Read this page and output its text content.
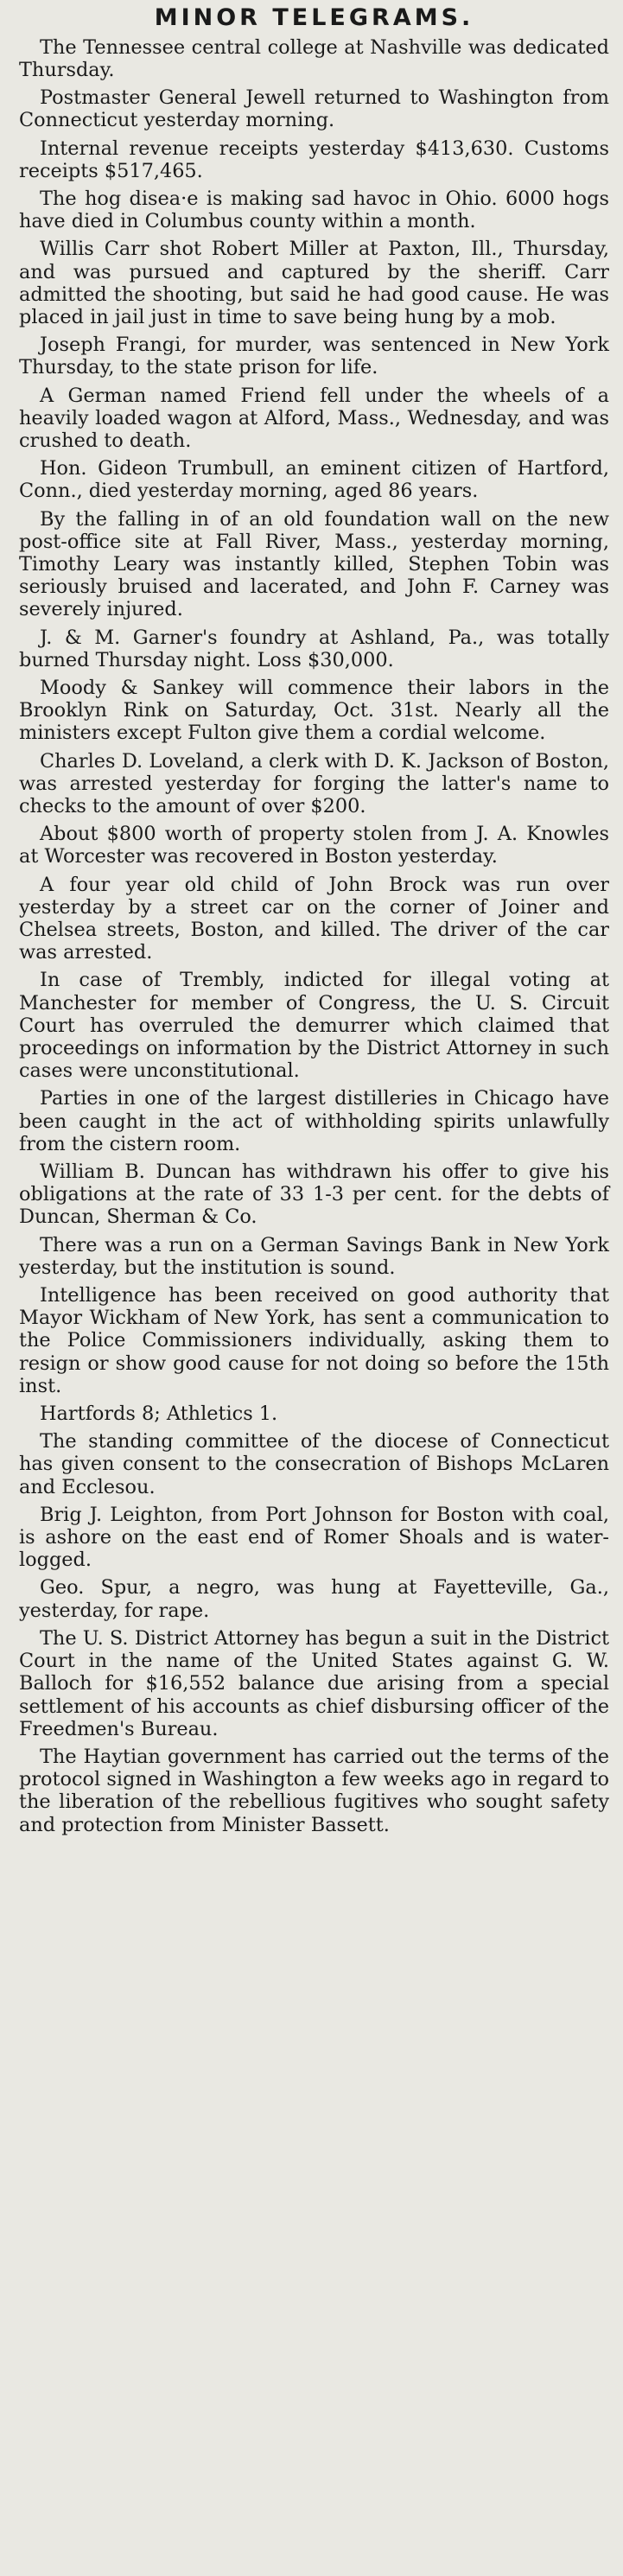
MINOR TELEGRAMS.

The Tennessee central college at Nashville was dedicated Thursday.

Postmaster General Jewell returned to Washington from Connecticut yesterday morning.

Internal revenue receipts yesterday $413,630. Customs receipts $517,465.

The hog disea·e is making sad havoc in Ohio. 6000 hogs have died in Columbus county within a month.

Willis Carr shot Robert Miller at Paxton, Ill., Thursday, and was pursued and captured by the sheriff. Carr admitted the shooting, but said he had good cause. He was placed in jail just in time to save being hung by a mob.

Joseph Frangi, for murder, was sentenced in New York Thursday, to the state prison for life.

A German named Friend fell under the wheels of a heavily loaded wagon at Alford, Mass., Wednesday, and was crushed to death.

Hon. Gideon Trumbull, an eminent citizen of Hartford, Conn., died yesterday morning, aged 86 years.

By the falling in of an old foundation wall on the new post-office site at Fall River, Mass., yesterday morning, Timothy Leary was instantly killed, Stephen Tobin was seriously bruised and lacerated, and John F. Carney was severely injured.

J. & M. Garner's foundry at Ashland, Pa., was totally burned Thursday night. Loss $30,000.

Moody & Sankey will commence their labors in the Brooklyn Rink on Saturday, Oct. 31st. Nearly all the ministers except Fulton give them a cordial welcome.

Charles D. Loveland, a clerk with D. K. Jackson of Boston, was arrested yesterday for forging the latter's name to checks to the amount of over $200.

About $800 worth of property stolen from J. A. Knowles at Worcester was recovered in Boston yesterday.

A four year old child of John Brock was run over yesterday by a street car on the corner of Joiner and Chelsea streets, Boston, and killed. The driver of the car was arrested.

In case of Trembly, indicted for illegal voting at Manchester for member of Congress, the U. S. Circuit Court has overruled the demurrer which claimed that proceedings on information by the District Attorney in such cases were unconstitutional.

Parties in one of the largest distilleries in Chicago have been caught in the act of withholding spirits unlawfully from the cistern room.

William B. Duncan has withdrawn his offer to give his obligations at the rate of 33 1-3 per cent. for the debts of Duncan, Sherman & Co.

There was a run on a German Savings Bank in New York yesterday, but the institution is sound.

Intelligence has been received on good authority that Mayor Wickham of New York, has sent a communication to the Police Commissioners individually, asking them to resign or show good cause for not doing so before the 15th inst.

Hartfords 8; Athletics 1.

The standing committee of the diocese of Connecticut has given consent to the consecration of Bishops McLaren and Ecclesou.

Brig J. Leighton, from Port Johnson for Boston with coal, is ashore on the east end of Romer Shoals and is water-logged.

Geo. Spur, a negro, was hung at Fayetteville, Ga., yesterday, for rape.

The U. S. District Attorney has begun a suit in the District Court in the name of the United States against G. W. Balloch for $16,552 balance due arising from a special settlement of his accounts as chief disbursing officer of the Freedmen's Bureau.

The Haytian government has carried out the terms of the protocol signed in Washington a few weeks ago in regard to the liberation of the rebellious fugitives who sought safety and protection from Minister Bassett.
